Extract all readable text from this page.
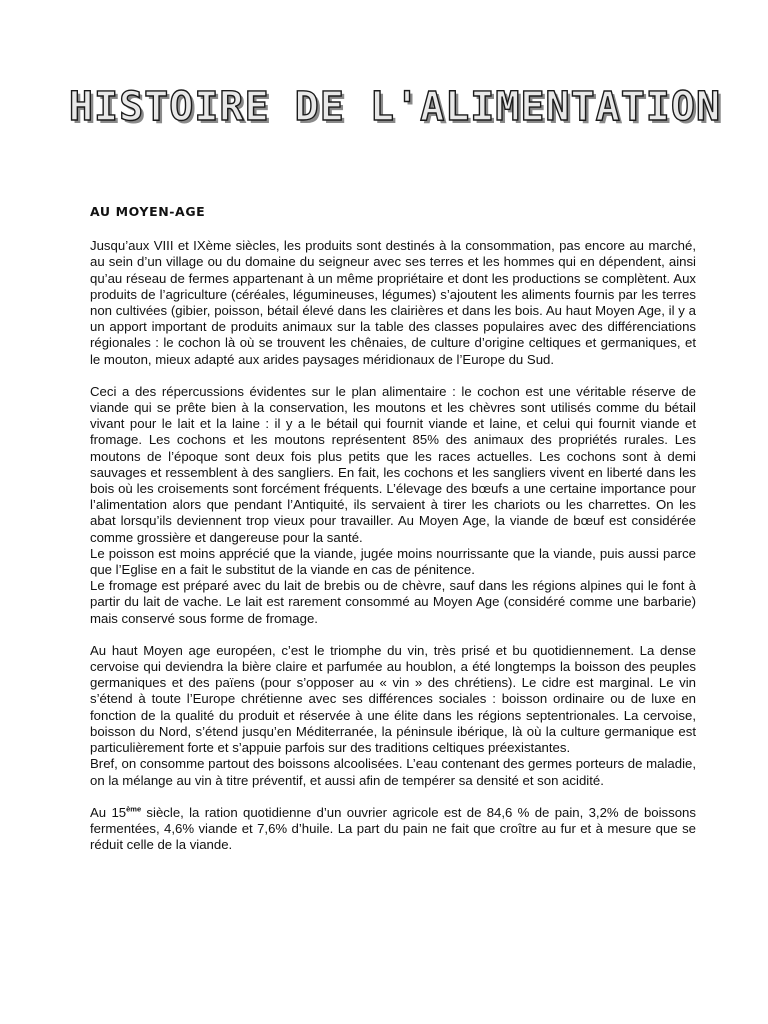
HISTOIRE DE L'ALIMENTATION
AU MOYEN-AGE

Jusqu’aux VIII et IXème siècles, les produits sont destinés à la consommation, pas encore au marché, au sein d’un village ou du domaine du seigneur avec ses terres et les hommes qui en dépendent, ainsi qu’au réseau de fermes appartenant à un même propriétaire et dont les productions se complètent. Aux produits de l’agriculture (céréales, légumineuses, légumes) s’ajoutent les aliments fournis par les terres non cultivées (gibier, poisson, bétail élevé dans les clairières et dans les bois. Au haut Moyen Age, il y a un apport important de produits animaux sur la table des classes populaires avec des différenciations régionales : le cochon là où se trouvent les chênaies, de culture d’origine celtiques et germaniques, et le mouton, mieux adapté aux arides paysages méridionaux de l’Europe du Sud.

Ceci a des répercussions évidentes sur le plan alimentaire : le cochon est une véritable réserve de viande qui se prête bien à la conservation, les moutons et les chèvres sont utilisés comme du bétail vivant pour le lait et la laine : il y a le bétail qui fournit viande et laine, et celui qui fournit viande et fromage. Les cochons et les moutons représentent 85% des animaux des propriétés rurales. Les moutons de l’époque sont deux fois plus petits que les races actuelles. Les cochons sont à demi sauvages et ressemblent à des sangliers. En fait, les cochons et les sangliers vivent en liberté dans les bois où les croisements sont forcément fréquents. L’élevage des bœufs a une certaine importance pour l’alimentation alors que pendant l’Antiquité, ils servaient à tirer les chariots ou les charrettes. On les abat lorsqu’ils deviennent trop vieux pour travailler. Au Moyen Age, la viande de bœuf est considérée comme grossière et dangereuse pour la santé.

Le poisson est moins apprécié que la viande, jugée moins nourrissante que la viande, puis aussi parce que l’Eglise en a fait le substitut de la viande en cas de pénitence.

Le fromage est préparé avec du lait de brebis ou de chèvre, sauf dans les régions alpines qui le font à partir du lait de vache. Le lait est rarement consommé au Moyen Age (considéré comme une barbarie) mais conservé sous forme de fromage.

Au haut Moyen age européen, c’est le triomphe du vin, très prisé et bu quotidiennement. La dense cervoise qui deviendra la bière claire et parfumée au houblon, a été longtemps la boisson des peuples germaniques et des païens (pour s’opposer au « vin » des chrétiens). Le cidre est marginal. Le vin s’étend à toute l’Europe chrétienne avec ses différences sociales : boisson ordinaire ou de luxe en fonction de la qualité du produit et réservée à une élite dans les régions septentrionales. La cervoise, boisson du Nord, s’étend jusqu’en Méditerranée, la péninsule ibérique, là où la culture germanique est particulièrement forte et s’appuie parfois sur des traditions celtiques préexistantes.

Bref, on consomme partout des boissons alcoolisées. L’eau contenant des germes porteurs de maladie, on la mélange au vin à titre préventif, et aussi afin de tempérer sa densité et son acidité.

Au 15ème siècle, la ration quotidienne d’un ouvrier agricole est de 84,6 % de pain, 3,2% de boissons fermentées, 4,6% viande et 7,6% d’huile. La part du pain ne fait que croître au fur et à mesure que se réduit celle de la viande.
